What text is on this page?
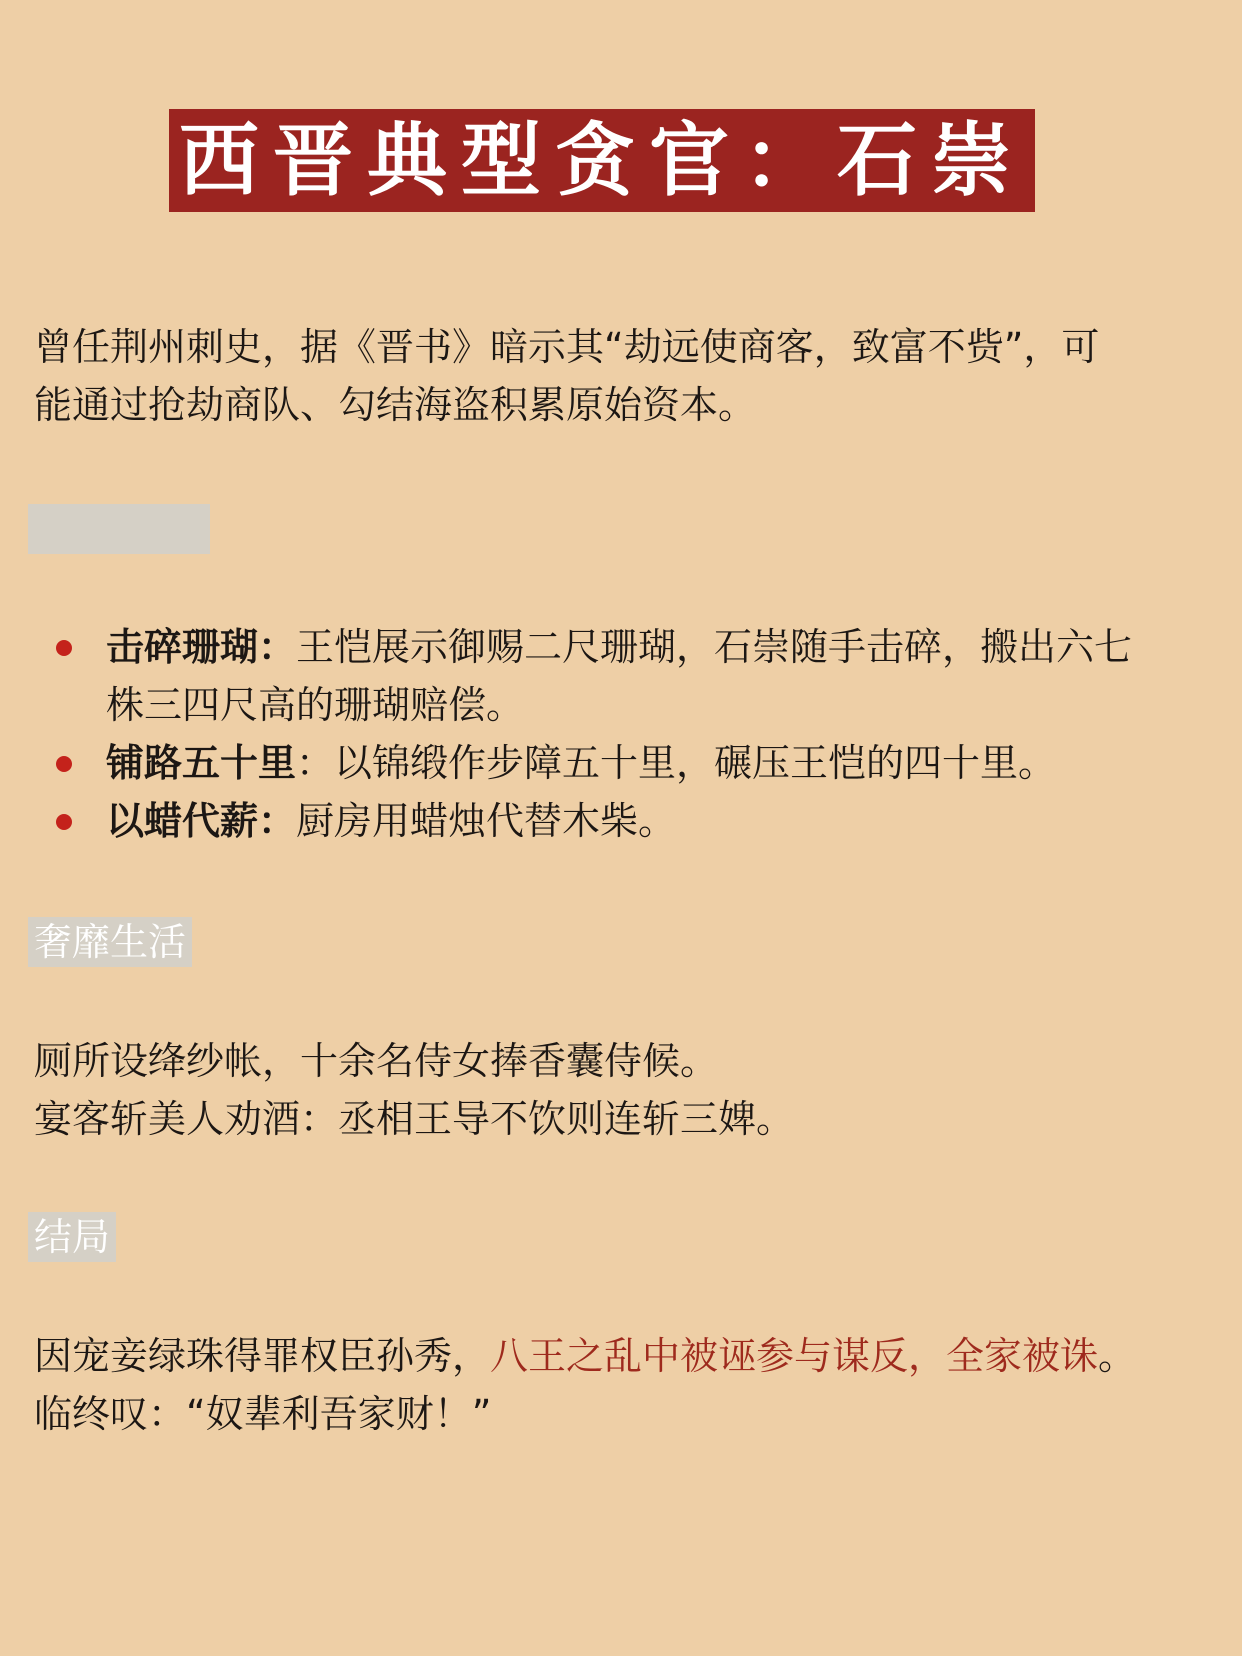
西晋典型贪官：石崇
曾任荆州刺史，据《晋书》暗示其“劫远使商客，致富不赀”，可
能通过抢劫商队、勾结海盗积累原始资本。
击碎珊瑚：王恺展示御赐二尺珊瑚，石崇随手击碎，搬出六七
株三四尺高的珊瑚赔偿。
铺路五十里：以锦缎作步障五十里，碾压王恺的四十里。
以蜡代薪：厨房用蜡烛代替木柴。
奢靡生活
厕所设绛纱帐，十余名侍女捧香囊侍候。
宴客斩美人劝酒：丞相王导不饮则连斩三婢。
结局
因宠妾绿珠得罪权臣孙秀，八王之乱中被诬参与谋反，全家被诛。
临终叹：“奴辈利吾家财！”
